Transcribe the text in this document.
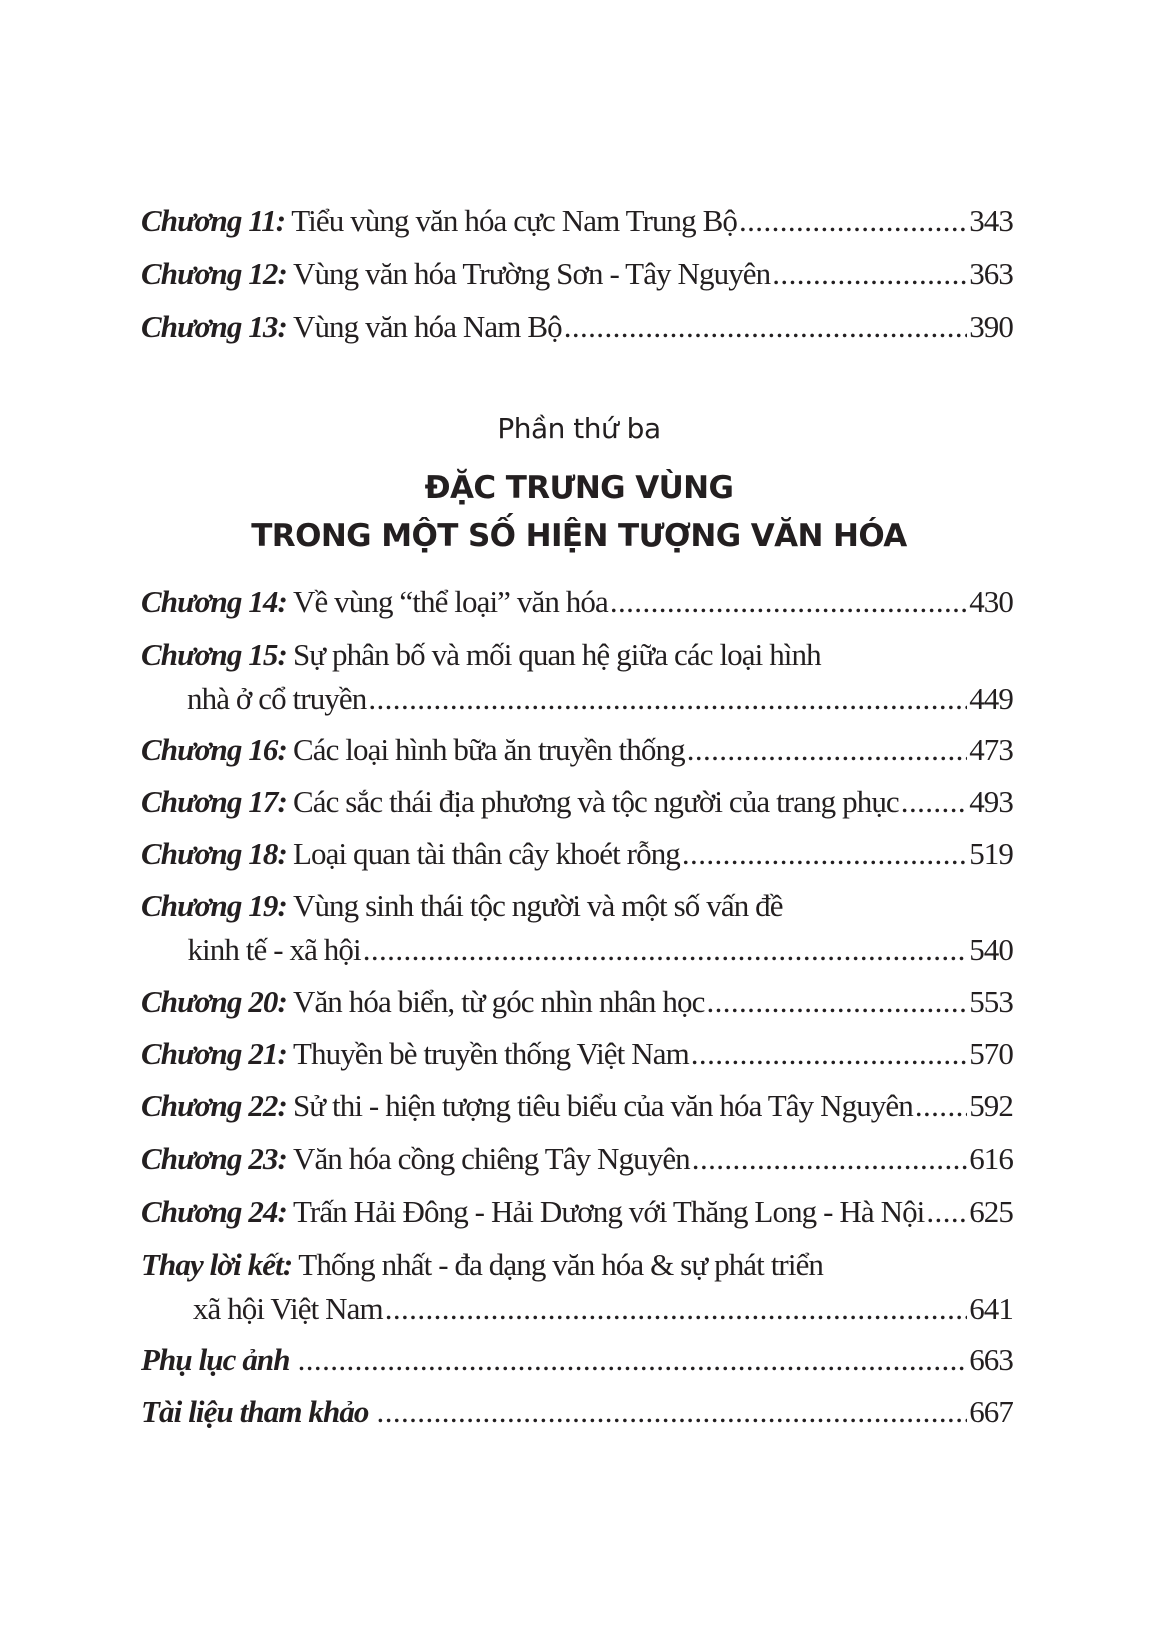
Chương 11: Tiểu vùng văn hóa cực Nam Trung Bộ .....	343
Chương 12: Vùng văn hóa Trường Sơn - Tây Nguyên .....	363
Chương 13: Vùng văn hóa Nam Bộ .....	390
Phần thứ ba
ĐẶC TRƯNG VÙNG
TRONG MỘT SỐ HIỆN TƯỢNG VĂN HÓA
Chương 14: Về vùng “thể loại” văn hóa .....	430
Chương 15: Sự phân bố và mối quan hệ giữa các loại hình
nhà ở cổ truyền .....	449
Chương 16: Các loại hình bữa ăn truyền thống .....	473
Chương 17: Các sắc thái địa phương và tộc người của trang phục ..... 493
Chương 18: Loại quan tài thân cây khoét rỗng .....	519
Chương 19: Vùng sinh thái tộc người và một số vấn đề
kinh tế - xã hội .....	540
Chương 20: Văn hóa biển, từ góc nhìn nhân học .....	553
Chương 21: Thuyền bè truyền thống Việt Nam .....	570
Chương 22: Sử thi - hiện tượng tiêu biểu của văn hóa Tây Nguyên ..... 592
Chương 23: Văn hóa cồng chiêng Tây Nguyên .....	616
Chương 24: Trấn Hải Đông - Hải Dương với Thăng Long - Hà Nội ..... 625
Thay lời kết: Thống nhất - đa dạng văn hóa & sự phát triển
xã hội Việt Nam .....	641
Phụ lục ảnh .....	663
Tài liệu tham khảo .....	667
